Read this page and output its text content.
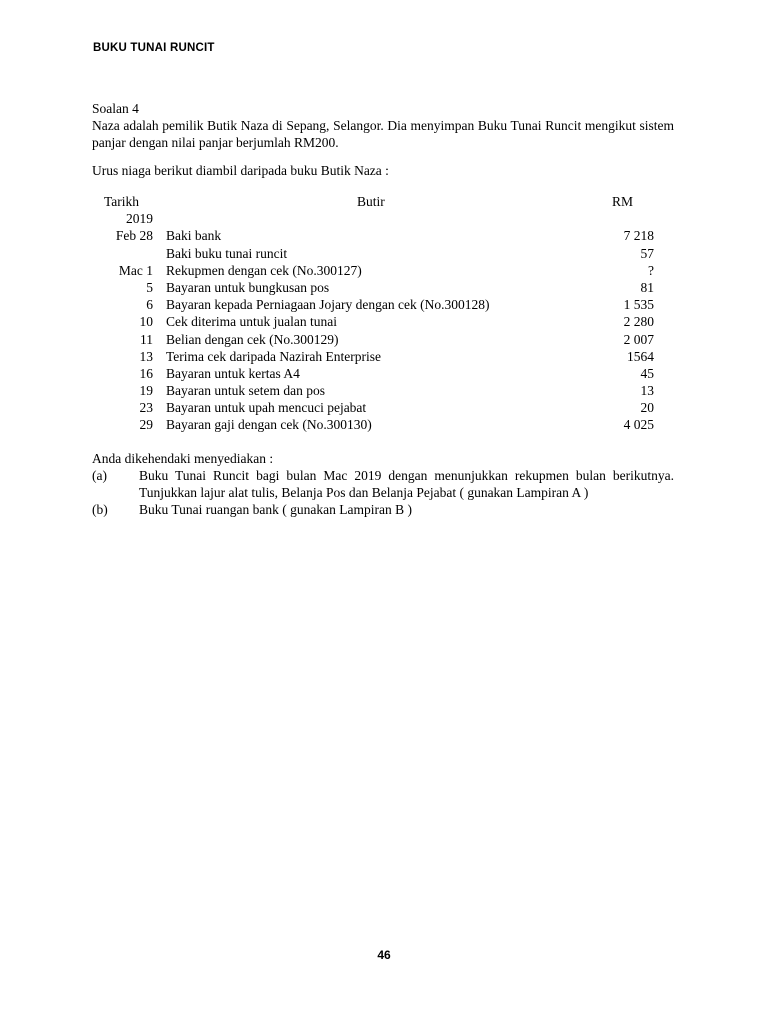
BUKU TUNAI RUNCIT
Soalan 4
Naza adalah pemilik Butik Naza di Sepang, Selangor. Dia menyimpan Buku Tunai Runcit mengikut sistem panjar dengan nilai panjar berjumlah RM200.
Urus niaga berikut diambil daripada buku Butik Naza :
Tarikh	Butir	RM
2019
Feb 28 Baki bank	7 218
Baki buku tunai runcit	57
Mac 1 Rekupmen dengan cek (No.300127)	?
5 Bayaran untuk bungkusan pos	81
6 Bayaran kepada Perniagaan Jojary dengan cek (No.300128)	1 535
10 Cek diterima untuk jualan tunai	2 280
11 Belian dengan cek (No.300129)	2 007
13 Terima cek daripada Nazirah Enterprise	1564
16 Bayaran untuk kertas A4	45
19 Bayaran untuk setem dan pos	13
23 Bayaran untuk upah mencuci pejabat	20
29 Bayaran gaji dengan cek (No.300130)	4 025
Anda dikehendaki menyediakan :
(a) Buku Tunai Runcit bagi bulan Mac 2019 dengan menunjukkan rekupmen bulan berikutnya. Tunjukkan lajur alat tulis, Belanja Pos dan Belanja Pejabat ( gunakan Lampiran A )
(b) Buku Tunai ruangan bank ( gunakan Lampiran B )
46
